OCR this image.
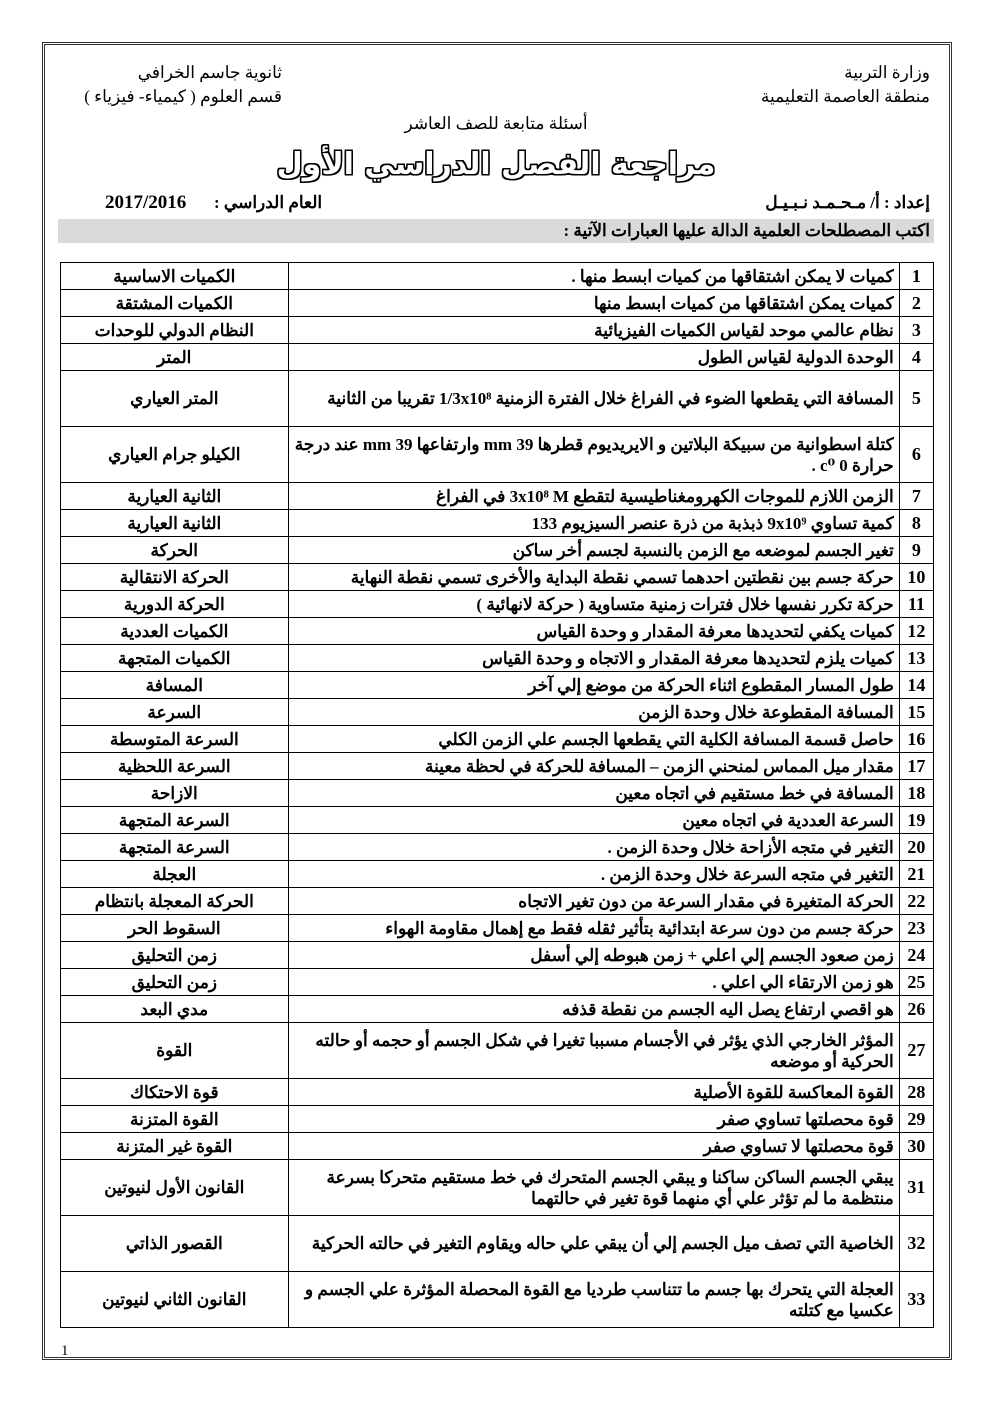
وزارة التربية
منطقة العاصمة التعليمية
ثانوية جاسم الخرافي
قسم العلوم ( كيمياء- فيزياء )
أسئلة متابعة للصف العاشر
مراجعة الفصل الدراسي الأول
إعداد : أ/ مـحـمـد نـبـيـل
العام الدراسي :
2017/2016
اكتب المصطلحات العلمية الدالة عليها العبارات الآتية :
1	كميات لا يمكن اشتقاقها من كميات ابسط منها .	الكميات الاساسية
2	كميات يمكن اشتقاقها من كميات ابسط منها	الكميات المشتقة
3	نظام عالمي موحد لقياس الكميات الفيزيائية	النظام الدولي للوحدات
4	الوحدة الدولية لقياس الطول	المتر
5	المسافة التي يقطعها الضوء في الفراغ خلال الفترة الزمنية 1/3x10⁸ تقريبا من الثانية	المتر العياري
6	كتلة اسطوانية من سبيكة البلاتين و الايريديوم قطرها 39 mm وارتفاعها 39 mm عند درجة حرارة 0 c⁰ .	الكيلو جرام العياري
7	الزمن اللازم للموجات الكهرومغناطيسية لتقطع 3x10⁸ M في الفراغ	الثانية العيارية
8	كمية تساوي 9x10⁹ ذبذبة من ذرة عنصر السيزيوم 133	الثانية العيارية
9	تغير الجسم لموضعه مع الزمن بالنسبة لجسم أخر ساكن	الحركة
10	حركة جسم بين نقطتين احدهما تسمي نقطة البداية والأخرى تسمي نقطة النهاية	الحركة الانتقالية
11	حركة تكرر نفسها خلال فترات زمنية متساوية ( حركة لانهائية )	الحركة الدورية
12	كميات يكفي لتحديدها معرفة المقدار و وحدة القياس	الكميات العددية
13	كميات يلزم لتحديدها معرفة المقدار و الاتجاه و وحدة القياس	الكميات المتجهة
14	طول المسار المقطوع اثناء الحركة من موضع إلي آخر	المسافة
15	المسافة المقطوعة خلال وحدة الزمن	السرعة
16	حاصل قسمة المسافة الكلية التي يقطعها الجسم علي الزمن الكلي	السرعة المتوسطة
17	مقدار ميل المماس لمنحني الزمن – المسافة للحركة في لحظة معينة	السرعة اللحظية
18	المسافة في خط مستقيم في اتجاه معين	الازاحة
19	السرعة العددية في اتجاه معين	السرعة المتجهة
20	التغير في متجه الأزاحة خلال وحدة الزمن .	السرعة المتجهة
21	التغير في متجه السرعة خلال وحدة الزمن .	العجلة
22	الحركة المتغيرة في مقدار السرعة من دون تغير الاتجاه	الحركة المعجلة بانتظام
23	حركة جسم من دون سرعة ابتدائية بتأثير ثقله فقط مع إهمال مقاومة الهواء	السقوط الحر
24	زمن صعود الجسم إلي اعلي + زمن هبوطه إلي أسفل	زمن التحليق
25	هو زمن الارتقاء الي اعلي .	زمن التحليق
26	هو اقصي ارتفاع يصل اليه الجسم من نقطة قذفه	مدي البعد
27	المؤثر الخارجي الذي يؤثر في الأجسام مسببا تغيرا في شكل الجسم أو حجمه أو حالته الحركية أو موضعه	القوة
28	القوة المعاكسة للقوة الأصلية	قوة الاحتكاك
29	قوة محصلتها تساوي صفر	القوة المتزنة
30	قوة محصلتها لا تساوي صفر	القوة غير المتزنة
31	يبقي الجسم الساكن ساكنا و يبقي الجسم المتحرك في خط مستقيم متحركا بسرعة منتظمة ما لم تؤثر علي أي منهما قوة تغير في حالتهما	القانون الأول لنيوتين
32	الخاصية التي تصف ميل الجسم إلي أن يبقي علي حاله ويقاوم التغير في حالته الحركية	القصور الذاتي
33	العجلة التي يتحرك بها جسم ما تتناسب طرديا مع القوة المحصلة المؤثرة علي الجسم و عكسيا مع كتلته	القانون الثاني لنيوتين
1
